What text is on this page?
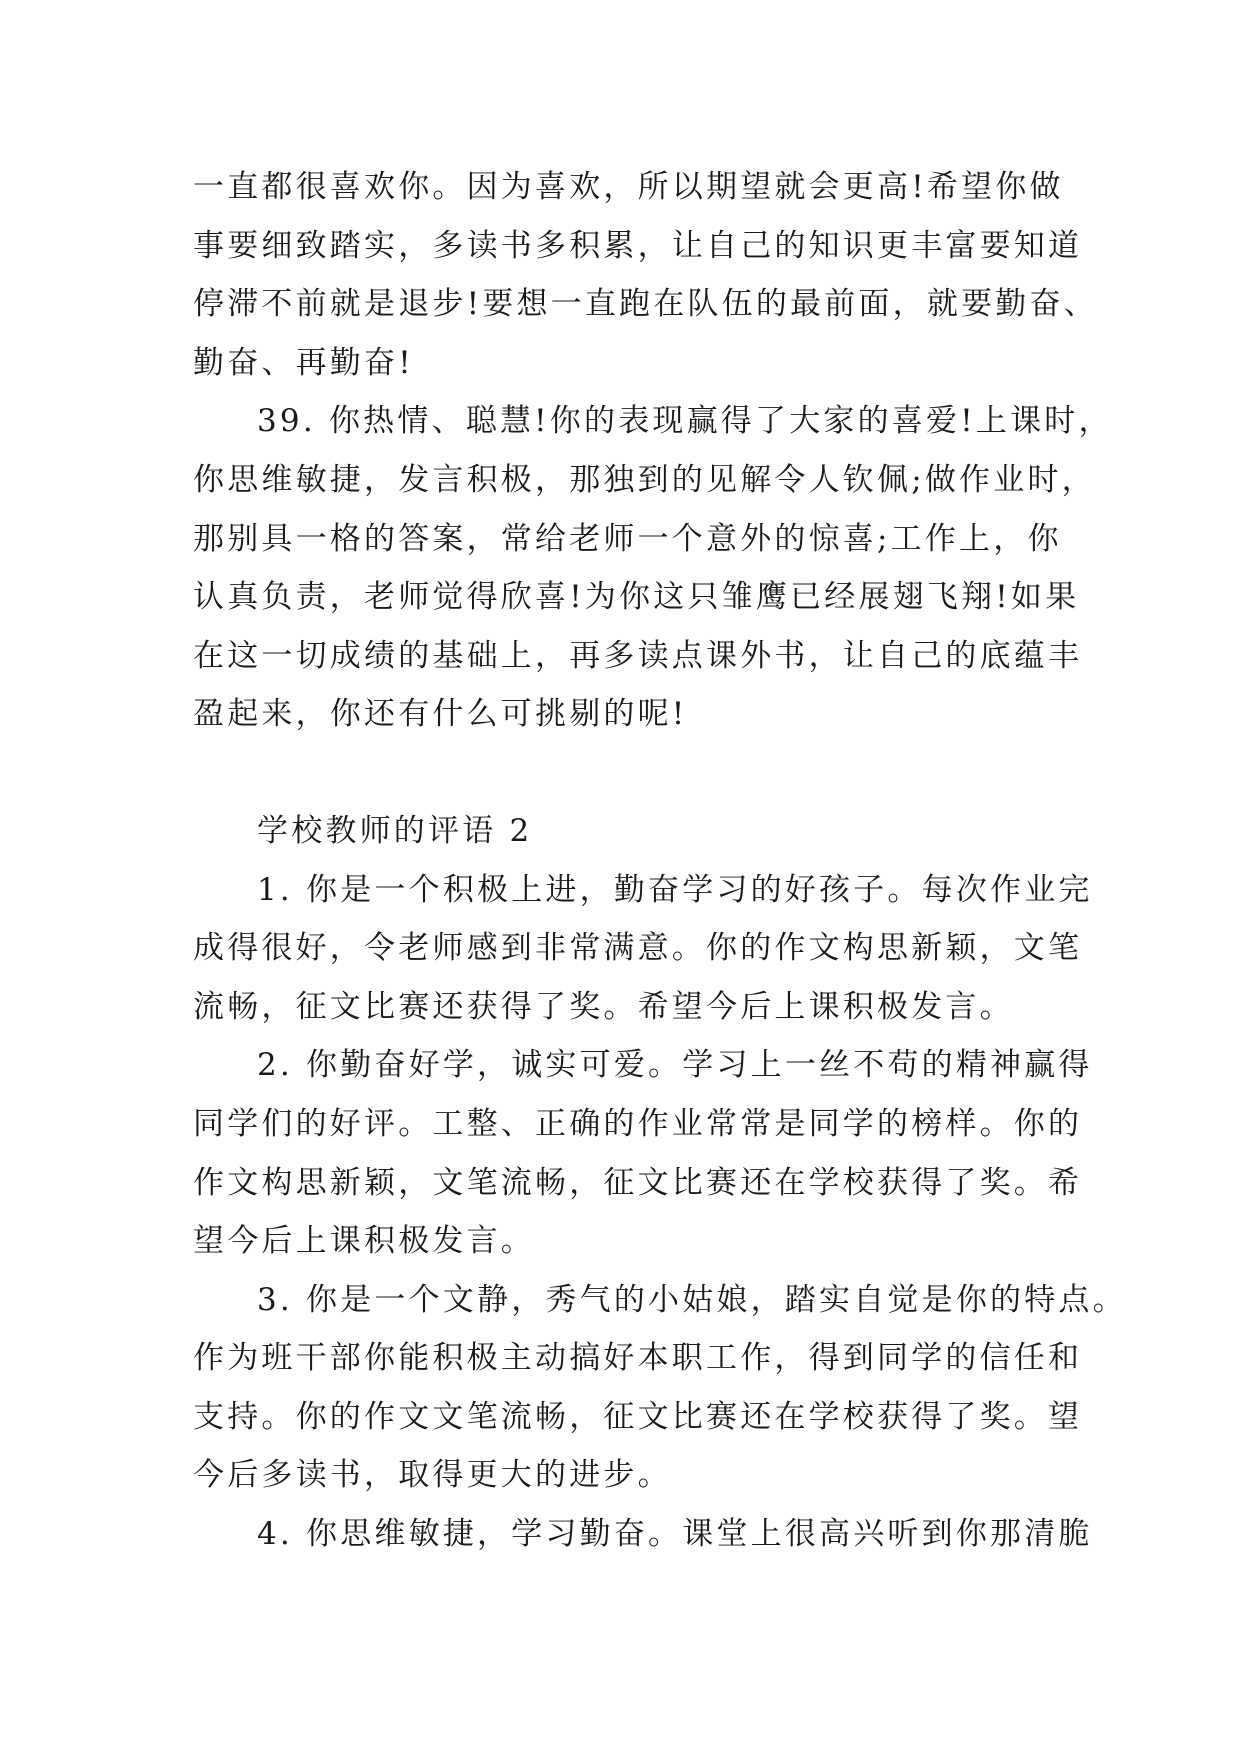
一直都很喜欢你。因为喜欢，所以期望就会更高!希望你做
事要细致踏实，多读书多积累，让自己的知识更丰富要知道
停滞不前就是退步!要想一直跑在队伍的最前面，就要勤奋、
勤奋、再勤奋!
39. 你热情、聪慧!你的表现赢得了大家的喜爱!上课时，
你思维敏捷，发言积极，那独到的见解令人钦佩;做作业时，
那别具一格的答案，常给老师一个意外的惊喜;工作上，你
认真负责，老师觉得欣喜!为你这只雏鹰已经展翅飞翔!如果
在这一切成绩的基础上，再多读点课外书，让自己的底蕴丰
盈起来，你还有什么可挑剔的呢!
学校教师的评语 2
1. 你是一个积极上进，勤奋学习的好孩子。每次作业完
成得很好，令老师感到非常满意。你的作文构思新颖，文笔
流畅，征文比赛还获得了奖。希望今后上课积极发言。
2. 你勤奋好学，诚实可爱。学习上一丝不苟的精神赢得
同学们的好评。工整、正确的作业常常是同学的榜样。你的
作文构思新颖，文笔流畅，征文比赛还在学校获得了奖。希
望今后上课积极发言。
3. 你是一个文静，秀气的小姑娘，踏实自觉是你的特点。
作为班干部你能积极主动搞好本职工作，得到同学的信任和
支持。你的作文文笔流畅，征文比赛还在学校获得了奖。望
今后多读书，取得更大的进步。
4. 你思维敏捷，学习勤奋。课堂上很高兴听到你那清脆
